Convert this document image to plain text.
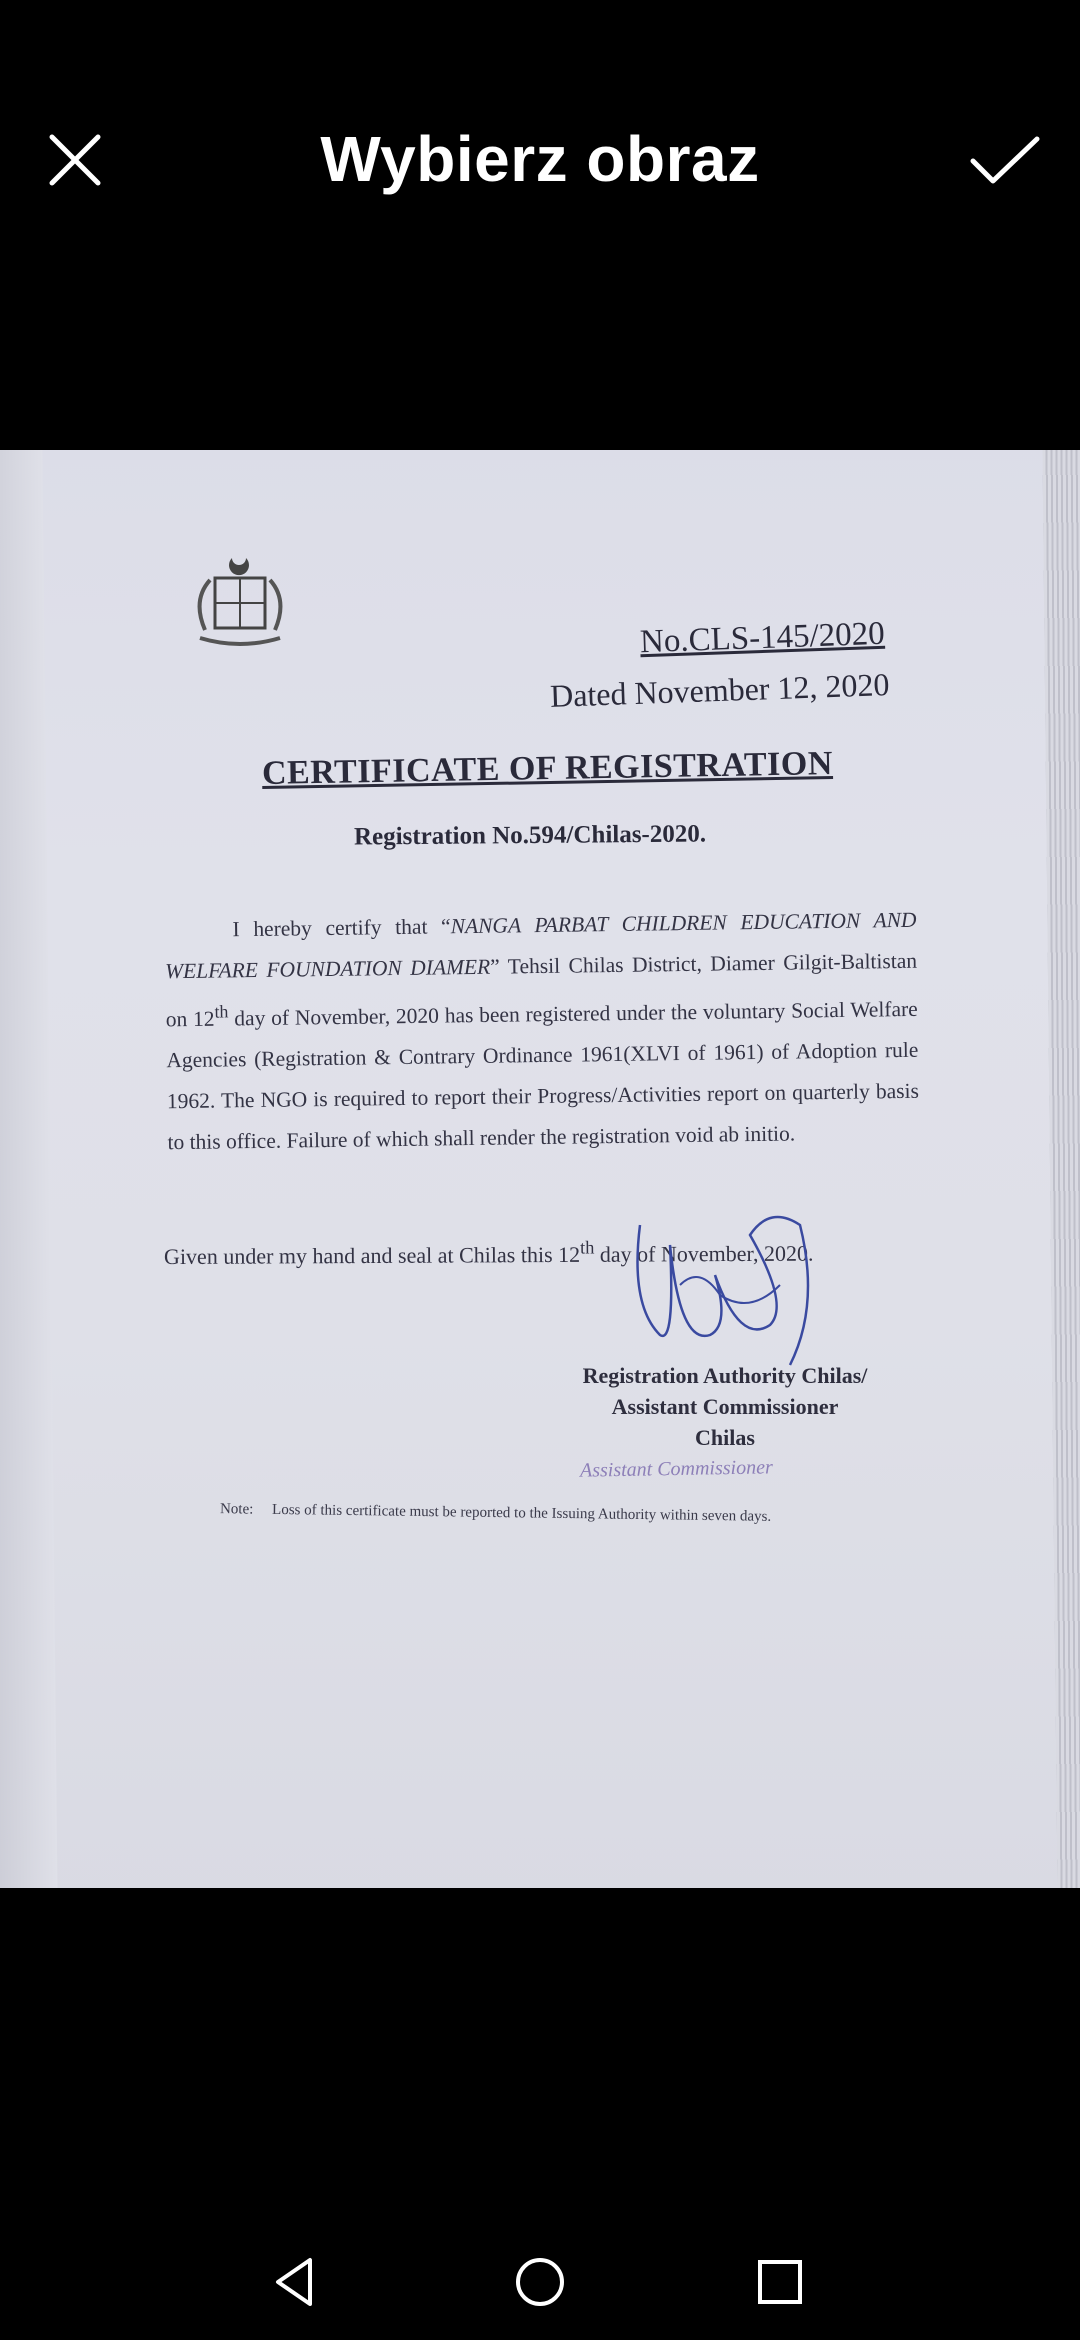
Wybierz obraz
No.CLS-145/2020
Dated November 12, 2020
CERTIFICATE OF REGISTRATION
Registration No.594/Chilas-2020.
I hereby certify that “NANGA PARBAT CHILDREN EDUCATION AND WELFARE FOUNDATION DIAMER” Tehsil Chilas District, Diamer Gilgit-Baltistan on 12th day of November, 2020 has been registered under the voluntary Social Welfare Agencies (Registration & Contrary Ordinance 1961(XLVI of 1961) of Adoption rule 1962. The NGO is required to report their Progress/Activities report on quarterly basis to this office. Failure of which shall render the registration void ab initio.
Given under my hand and seal at Chilas this 12th day of November, 2020.
Registration Authority Chilas/
Assistant Commissioner
Chilas
Assistant Commissioner
Note: Loss of this certificate must be reported to the Issuing Authority within seven days.
